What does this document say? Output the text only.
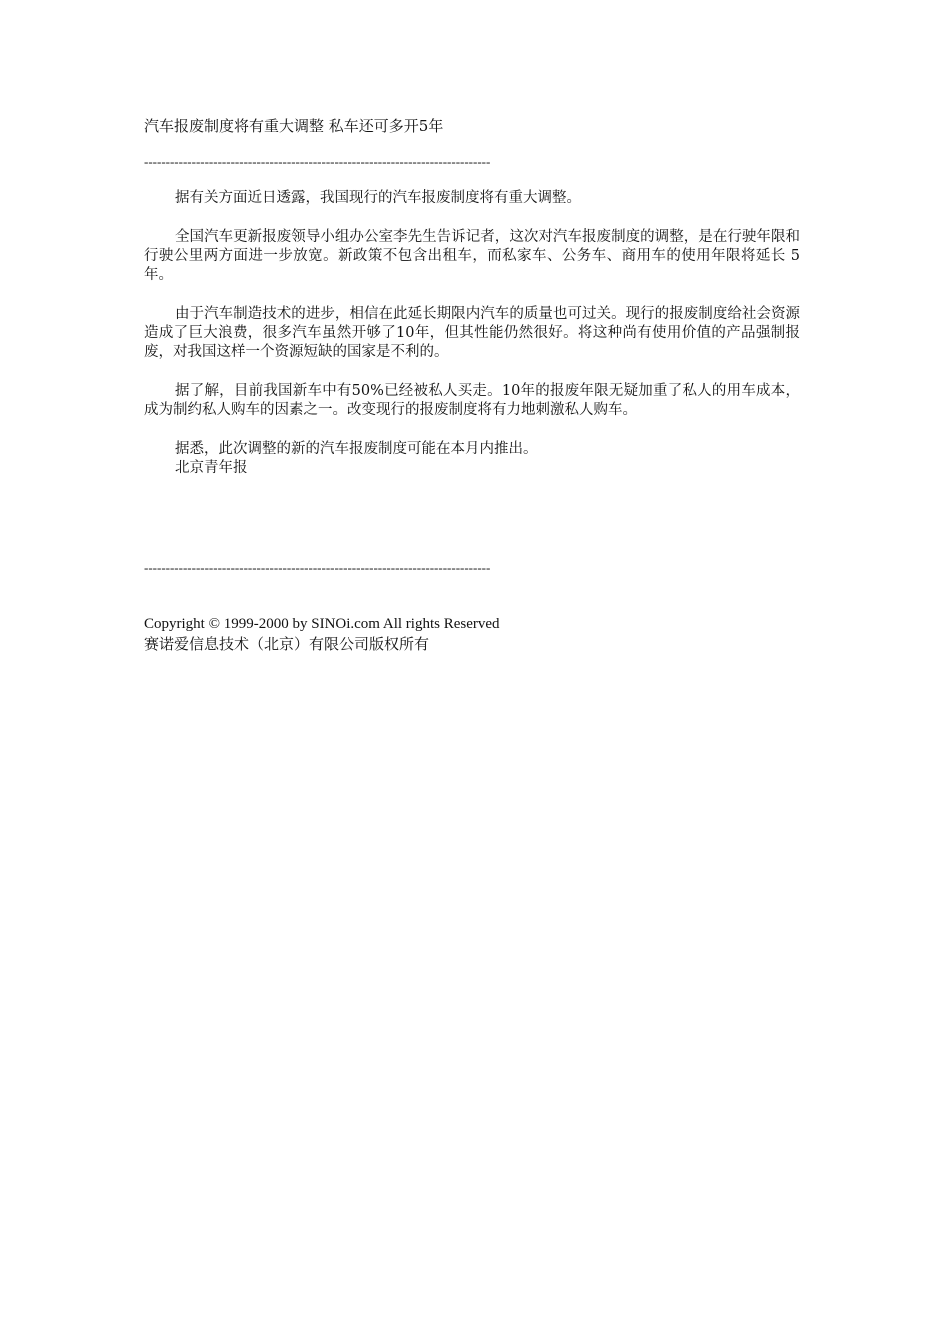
汽车报废制度将有重大调整 私车还可多开5年
--------------------------------------------------------------------------------

据有关方面近日透露，我国现行的汽车报废制度将有重大调整。

全国汽车更新报废领导小组办公室李先生告诉记者，这次对汽车报废制度的调整，是在行驶年限和行驶公里两方面进一步放宽。新政策不包含出租车，而私家车、公务车、商用车的使用年限将延长 5 年。

由于汽车制造技术的进步，相信在此延长期限内汽车的质量也可过关。现行的报废制度给社会资源造成了巨大浪费，很多汽车虽然开够了10年，但其性能仍然很好。将这种尚有使用价值的产品强制报废，对我国这样一个资源短缺的国家是不利的。

据了解，目前我国新车中有50%已经被私人买走。10年的报废年限无疑加重了私人的用车成本，成为制约私人购车的因素之一。改变现行的报废制度将有力地刺激私人购车。

据悉，此次调整的新的汽车报废制度可能在本月内推出。

北京青年报

--------------------------------------------------------------------------------
Copyright © 1999-2000 by SINOi.com All rights Reserved
赛诺爱信息技术（北京）有限公司版权所有
